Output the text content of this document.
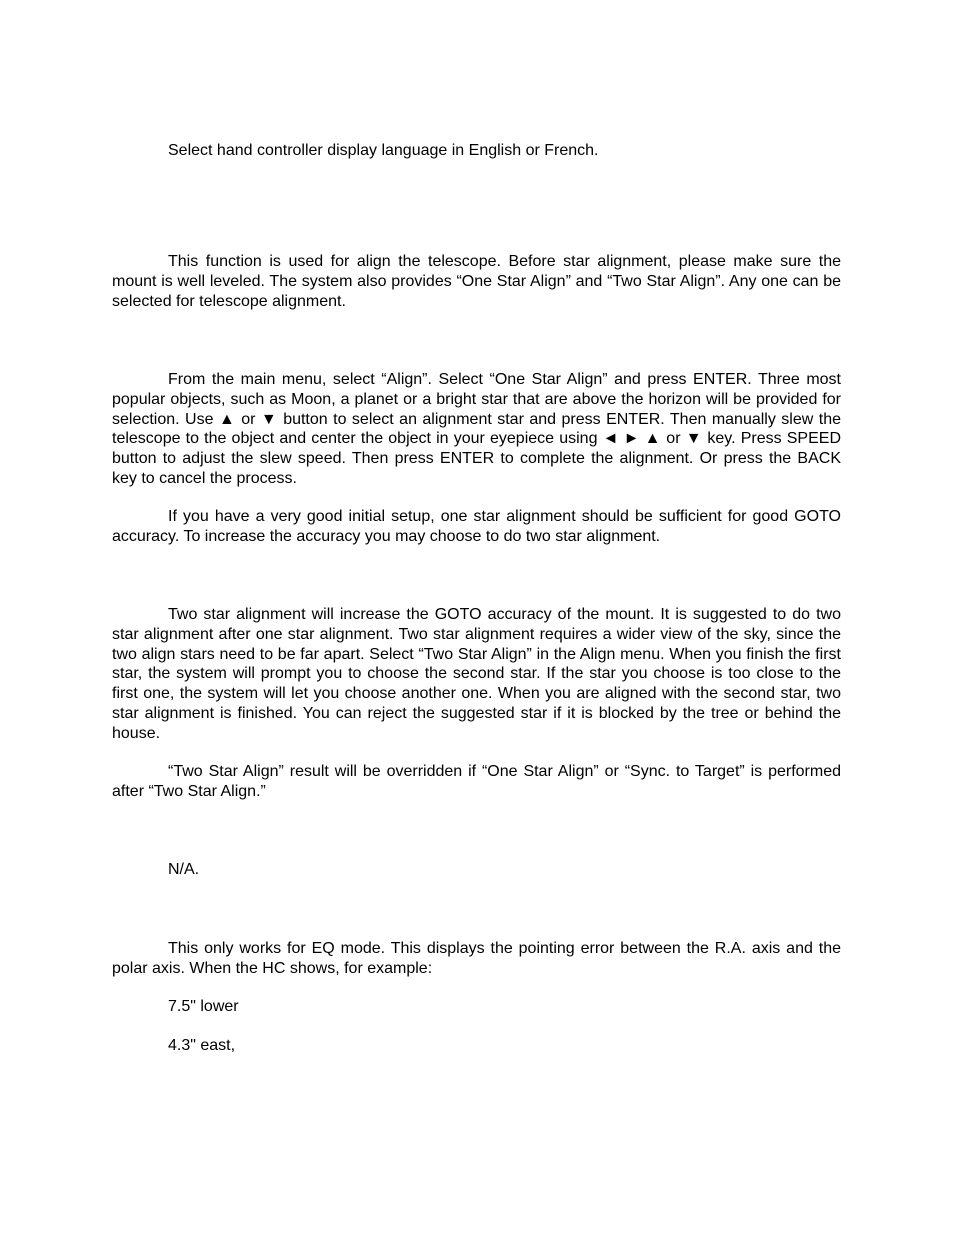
Select hand controller display language in English or French.

This function is used for align the telescope. Before star alignment, please make sure the mount is well leveled. The system also provides “One Star Align” and “Two Star Align”. Any one can be selected for telescope alignment.

From the main menu, select “Align”. Select “One Star Align” and press ENTER. Three most popular objects, such as Moon, a planet or a bright star that are above the horizon will be provided for selection. Use ▲ or ▼ button to select an alignment star and press ENTER. Then manually slew the telescope to the object and center the object in your eyepiece using ◄ ► ▲ or ▼ key. Press SPEED button to adjust the slew speed. Then press ENTER to complete the alignment. Or press the BACK key to cancel the process.

If you have a very good initial setup, one star alignment should be sufficient for good GOTO accuracy. To increase the accuracy you may choose to do two star alignment.

Two star alignment will increase the GOTO accuracy of the mount. It is suggested to do two star alignment after one star alignment. Two star alignment requires a wider view of the sky, since the two align stars need to be far apart. Select “Two Star Align” in the Align menu. When you finish the first star, the system will prompt you to choose the second star. If the star you choose is too close to the first one, the system will let you choose another one. When you are aligned with the second star, two star alignment is finished. You can reject the suggested star if it is blocked by the tree or behind the house.

“Two Star Align” result will be overridden if “One Star Align” or “Sync. to Target” is performed after “Two Star Align.”

N/A.

This only works for EQ mode. This displays the pointing error between the R.A. axis and the polar axis. When the HC shows, for example:

7.5" lower

4.3" east,
